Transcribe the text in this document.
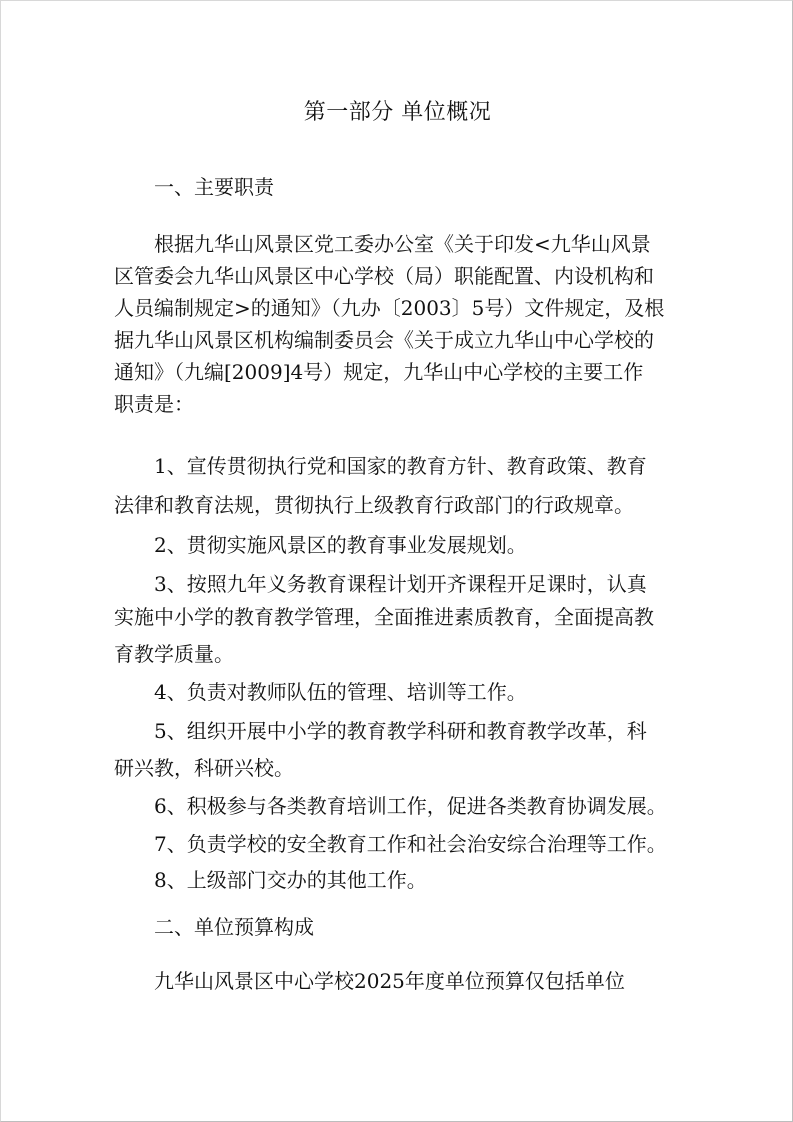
第一部分 单位概况

一、主要职责

根据九华山风景区党工委办公室《关于印发<九华山风景

区管委会九华山风景区中心学校（局）职能配置、内设机构和

人员编制规定>的通知》（九办〔2003〕5号）文件规定，及根

据九华山风景区机构编制委员会《关于成立九华山中心学校的

通知》（九编[2009]4号）规定，九华山中心学校的主要工作

职责是：

1、宣传贯彻执行党和国家的教育方针、教育政策、教育

法律和教育法规，贯彻执行上级教育行政部门的行政规章。

2、贯彻实施风景区的教育事业发展规划。

3、按照九年义务教育课程计划开齐课程开足课时，认真

实施中小学的教育教学管理，全面推进素质教育，全面提高教

育教学质量。

4、负责对教师队伍的管理、培训等工作。

5、组织开展中小学的教育教学科研和教育教学改革，科

研兴教，科研兴校。

6、积极参与各类教育培训工作，促进各类教育协调发展。

7、负责学校的安全教育工作和社会治安综合治理等工作。

8、上级部门交办的其他工作。

二、单位预算构成

九华山风景区中心学校2025年度单位预算仅包括单位
